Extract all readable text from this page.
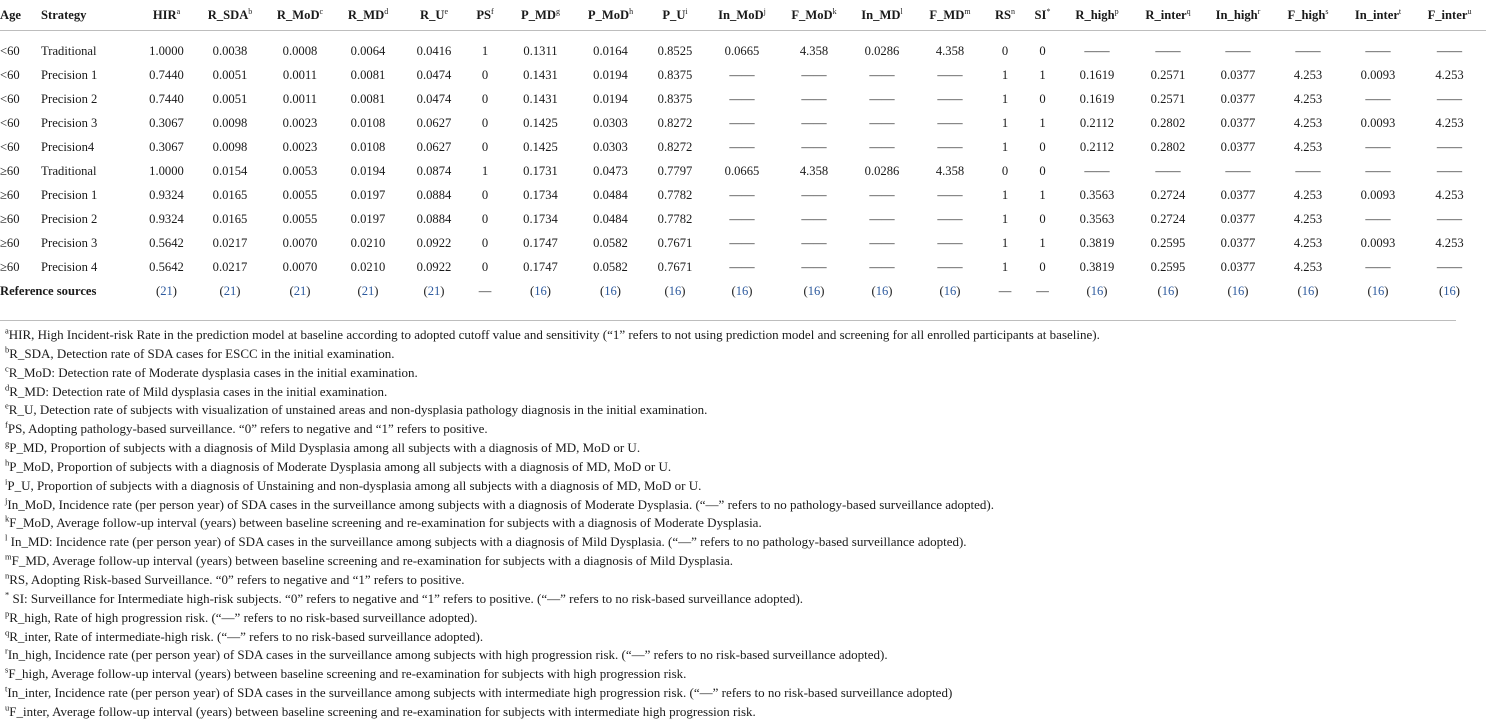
Age	Strategy	HIR$^a$	R_SDA$^b$	R_MoD$^c$	$R\_MD^d$	$R\_U^e$	$PS^f$	$P\_MD^g$	P_MoD$^h$	$P\_U^i$	In_MoD$^j$	F_MoD$^k$	$In\_MD^l$	$F\_MD^m$	$RS^n$	SI*	R_high$^p$	R_inter$^q$	In_high$^r$	F_high$^s$	In_inter$^t$	F_inter$^u$
<60	Traditional	1.0000	0.0038	0.0008	0.0064	0.0416	1	0.1311	0.0164	0.8525	0.0665	4.358	0.0286	4.358	0	0	——	——	——	——	——	——
<60	Precision 1	0.7440	0.0051	0.0011	0.0081	0.0474	0	0.1431	0.0194	0.8375	——	——	——	——	1	1	0.1619	0.2571	0.0377	4.253	0.0093	4.253
<60	Precision 2	0.7440	0.0051	0.0011	0.0081	0.0474	0	0.1431	0.0194	0.8375	——	——	——	——	1	0	0.1619	0.2571	0.0377	4.253	——	——
<60	Precision 3	0.3067	0.0098	0.0023	0.0108	0.0627	0	0.1425	0.0303	0.8272	——	——	——	——	1	1	0.2112	0.2802	0.0377	4.253	0.0093	4.253
<60	Precision4	0.3067	0.0098	0.0023	0.0108	0.0627	0	0.1425	0.0303	0.8272	——	——	——	——	1	0	0.2112	0.2802	0.0377	4.253	——	——
≥60	Traditional	1.0000	0.0154	0.0053	0.0194	0.0874	1	0.1731	0.0473	0.7797	0.0665	4.358	0.0286	4.358	0	0	——	——	——	——	——	——
≥60	Precision 1	0.9324	0.0165	0.0055	0.0197	0.0884	0	0.1734	0.0484	0.7782	——	——	——	——	1	1	0.3563	0.2724	0.0377	4.253	0.0093	4.253
≥60	Precision 2	0.9324	0.0165	0.0055	0.0197	0.0884	0	0.1734	0.0484	0.7782	——	——	——	——	1	0	0.3563	0.2724	0.0377	4.253	——	——
≥60	Precision 3	0.5642	0.0217	0.0070	0.0210	0.0922	0	0.1747	0.0582	0.7671	——	——	——	——	1	1	0.3819	0.2595	0.0377	4.253	0.0093	4.253
≥60	Precision 4	0.5642	0.0217	0.0070	0.0210	0.0922	0	0.1747	0.0582	0.7671	——	——	——	——	1	0	0.3819	0.2595	0.0377	4.253	——	——
Reference sources		(21)	(21)	(21)	(21)	(21)	—	(16)	(16)	(16)	(16)	(16)	(16)	(16)	—	—	(16)	(16)	(16)	(16)	(16)	(16)
$^a$HIR, High Incident-risk Rate in the prediction model at baseline according to adopted cutoff value and sensitivity (“1” refers to not using prediction model and screening for all enrolled participants at baseline).
$^b$R_SDA, Detection rate of SDA cases for ESCC in the initial examination.
$^c$R_MoD: Detection rate of Moderate dysplasia cases in the initial examination.
$^d$R_MD: Detection rate of Mild dysplasia cases in the initial examination.
$^e$R_U, Detection rate of subjects with visualization of unstained areas and non-dysplasia pathology diagnosis in the initial examination.
$^f$PS, Adopting pathology-based surveillance. “0” refers to negative and “1” refers to positive.
$^g$P_MD, Proportion of subjects with a diagnosis of Mild Dysplasia among all subjects with a diagnosis of MD, MoD or U.
$^h$P_MoD, Proportion of subjects with a diagnosis of Moderate Dysplasia among all subjects with a diagnosis of MD, MoD or U.
$^i$P_U, Proportion of subjects with a diagnosis of Unstaining and non-dysplasia among all subjects with a diagnosis of MD, MoD or U.
$^j$In_MoD, Incidence rate (per person year) of SDA cases in the surveillance among subjects with a diagnosis of Moderate Dysplasia. (“—” refers to no pathology-based surveillance adopted).
$^k$F_MoD, Average follow-up interval (years) between baseline screening and re-examination for subjects with a diagnosis of Moderate Dysplasia.
$^l$ In_MD: Incidence rate (per person year) of SDA cases in the surveillance among subjects with a diagnosis of Mild Dysplasia. (“—” refers to no pathology-based surveillance adopted).
$^m$F_MD, Average follow-up interval (years) between baseline screening and re-examination for subjects with a diagnosis of Mild Dysplasia.
$^n$RS, Adopting Risk-based Surveillance. “0” refers to negative and “1” refers to positive.
* SI: Surveillance for Intermediate high-risk subjects. “0” refers to negative and “1” refers to positive. (“—” refers to no risk-based surveillance adopted).
$^p$R_high, Rate of high progression risk. (“—” refers to no risk-based surveillance adopted).
$^q$R_inter, Rate of intermediate-high risk. (“—” refers to no risk-based surveillance adopted).
$^r$In_high, Incidence rate (per person year) of SDA cases in the surveillance among subjects with high progression risk. (“—” refers to no risk-based surveillance adopted).
$^s$F_high, Average follow-up interval (years) between baseline screening and re-examination for subjects with high progression risk.
$^t$In_inter, Incidence rate (per person year) of SDA cases in the surveillance among subjects with intermediate high progression risk. (“—” refers to no risk-based surveillance adopted)
$^u$F_inter, Average follow-up interval (years) between baseline screening and re-examination for subjects with intermediate high progression risk.
